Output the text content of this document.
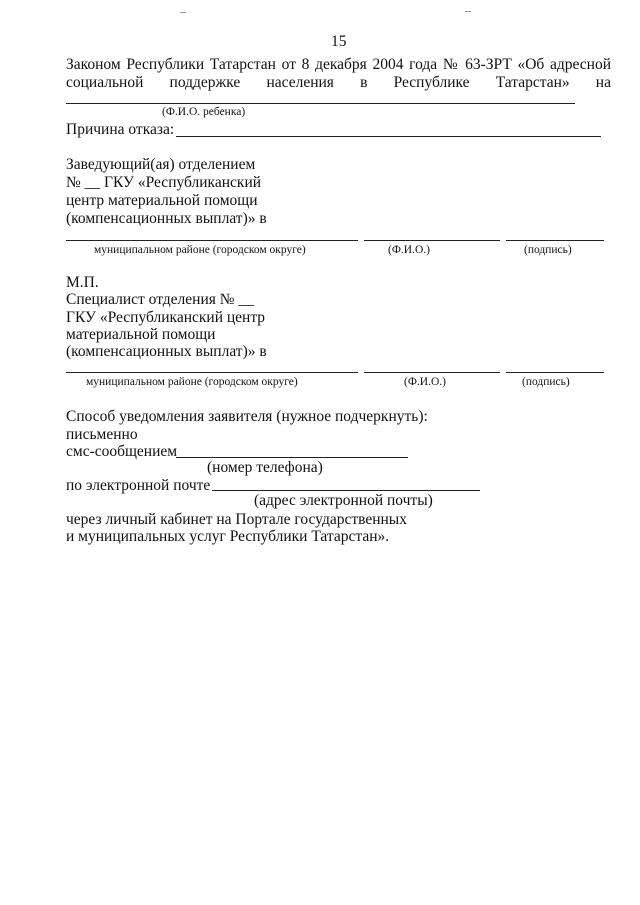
15
Законом Республики Татарстан от 8 декабря 2004 года № 63-ЗРТ «Об адресной
социальной поддержке населения в Республике Татарстан» на
(Ф.И.О. ребенка)
Причина отказа:
Заведующий(ая) отделением
№ __ ГКУ «Республиканский
центр материальной помощи
(компенсационных выплат)» в
муниципальном районе (городском округе)	(Ф.И.О.)	(подпись)
М.П.
Специалист отделения № __
ГКУ «Республиканский центр
материальной помощи
(компенсационных выплат)» в
муниципальном районе (городском округе)	(Ф.И.О.)	(подпись)
Способ уведомления заявителя (нужное подчеркнуть):
письменно
смс-сообщением
(номер телефона)
по электронной почте
(адрес электронной почты)
через личный кабинет на Портале государственных
и муниципальных услуг Республики Татарстан».
